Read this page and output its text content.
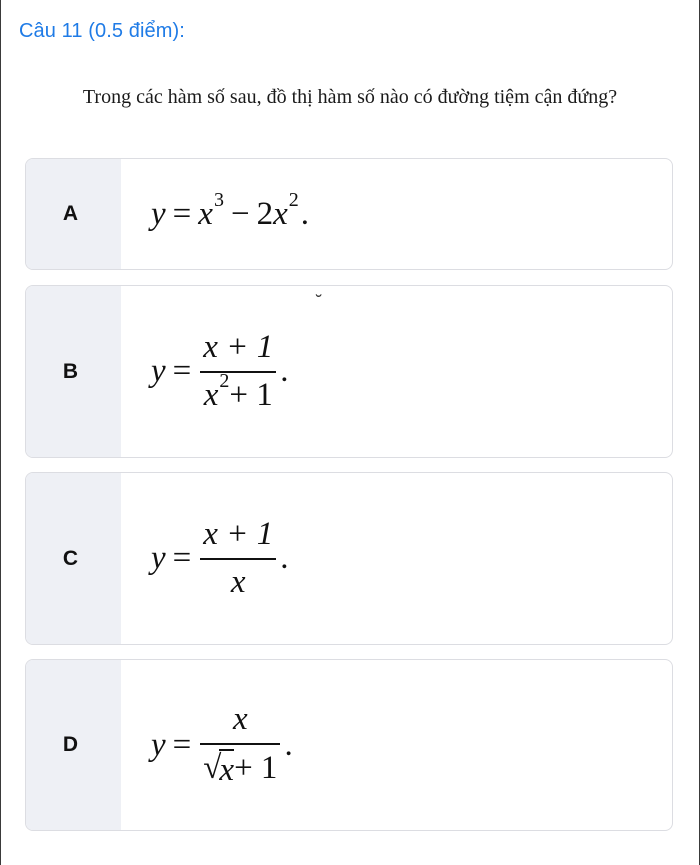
Câu 11 (0.5 điểm):
Trong các hàm số sau, đồ thị hàm số nào có đường tiệm cận đứng?
A y = x 3 − 2 x 2 .
B $y = \frac{x + 1}{x 2 + 1}$ .
˘
C $y = \frac{x + 1}{x}$ .
D y = x
√
x + 1 .
